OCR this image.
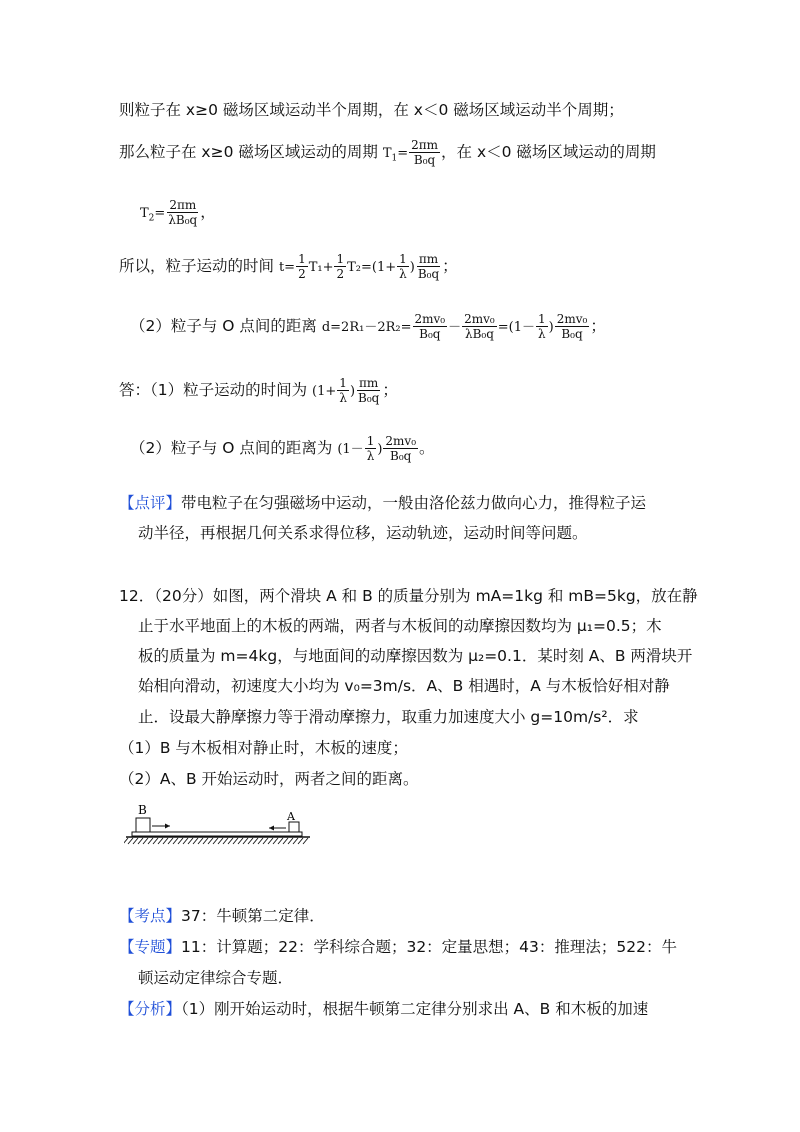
则粒子在 x≥0 磁场区域运动半个周期，在 x＜0 磁场区域运动半个周期；
那么粒子在 x≥0 磁场区域运动的周期 $T_1= \frac{2\pi m}{\text{B₀q}}$ ，在 x＜0 磁场区域运动的周期
$T_2= \frac{2\pi m}{\text{λB₀q}}$ ，
所以，粒子运动的时间 $t= \frac{1}{2} T_1+ \frac{1}{2} T_2=(1+ \frac{1}{\lambda}$ ) $\frac{\pi m}{\text{B₀q}}$ ；
（2）粒子与 O 点间的距离 $d=2R_1-2R_2= \frac{\text{2mv₀}}{\text{B₀q}} - \frac{\text{2mv₀}}{\text{λB₀q}} =(1- \frac{1}{\lambda}$ ) $\frac{\text{2mv₀}}{\text{B₀q}}$ ；
答：（1）粒子运动的时间为 ($1+ \frac{1}{\lambda}$ ) $\frac{\pi m}{\text{B₀q}}$ ；
（2）粒子与 O 点间的距离为 ($1- \frac{1}{\lambda}$ ) $\frac{\text{2mv₀}}{\text{B₀q}}$ 。
【点评】带电粒子在匀强磁场中运动，一般由洛伦兹力做向心力，推得粒子运
动半径，再根据几何关系求得位移，运动轨迹，运动时间等问题。
12．（20分）如图，两个滑块 A 和 B 的质量分别为 mA=1kg 和 mB=5kg，放在静
止于水平地面上的木板的两端，两者与木板间的动摩擦因数均为 μ₁=0.5；木
板的质量为 m=4kg，与地面间的动摩擦因数为 μ₂=0.1．某时刻 A、B 两滑块开
始相向滑动，初速度大小均为 v₀=3m/s．A、B 相遇时，A 与木板恰好相对静
止．设最大静摩擦力等于滑动摩擦力，取重力加速度大小 g=10m/s²．求
（1）B 与木板相对静止时，木板的速度；
（2）A、B 开始运动时，两者之间的距离。
B	A
【考点】37：牛顿第二定律．
【专题】11：计算题；22：学科综合题；32：定量思想；43：推理法；522：牛
顿运动定律综合专题．
【分析】（1）刚开始运动时，根据牛顿第二定律分别求出 A、B 和木板的加速
